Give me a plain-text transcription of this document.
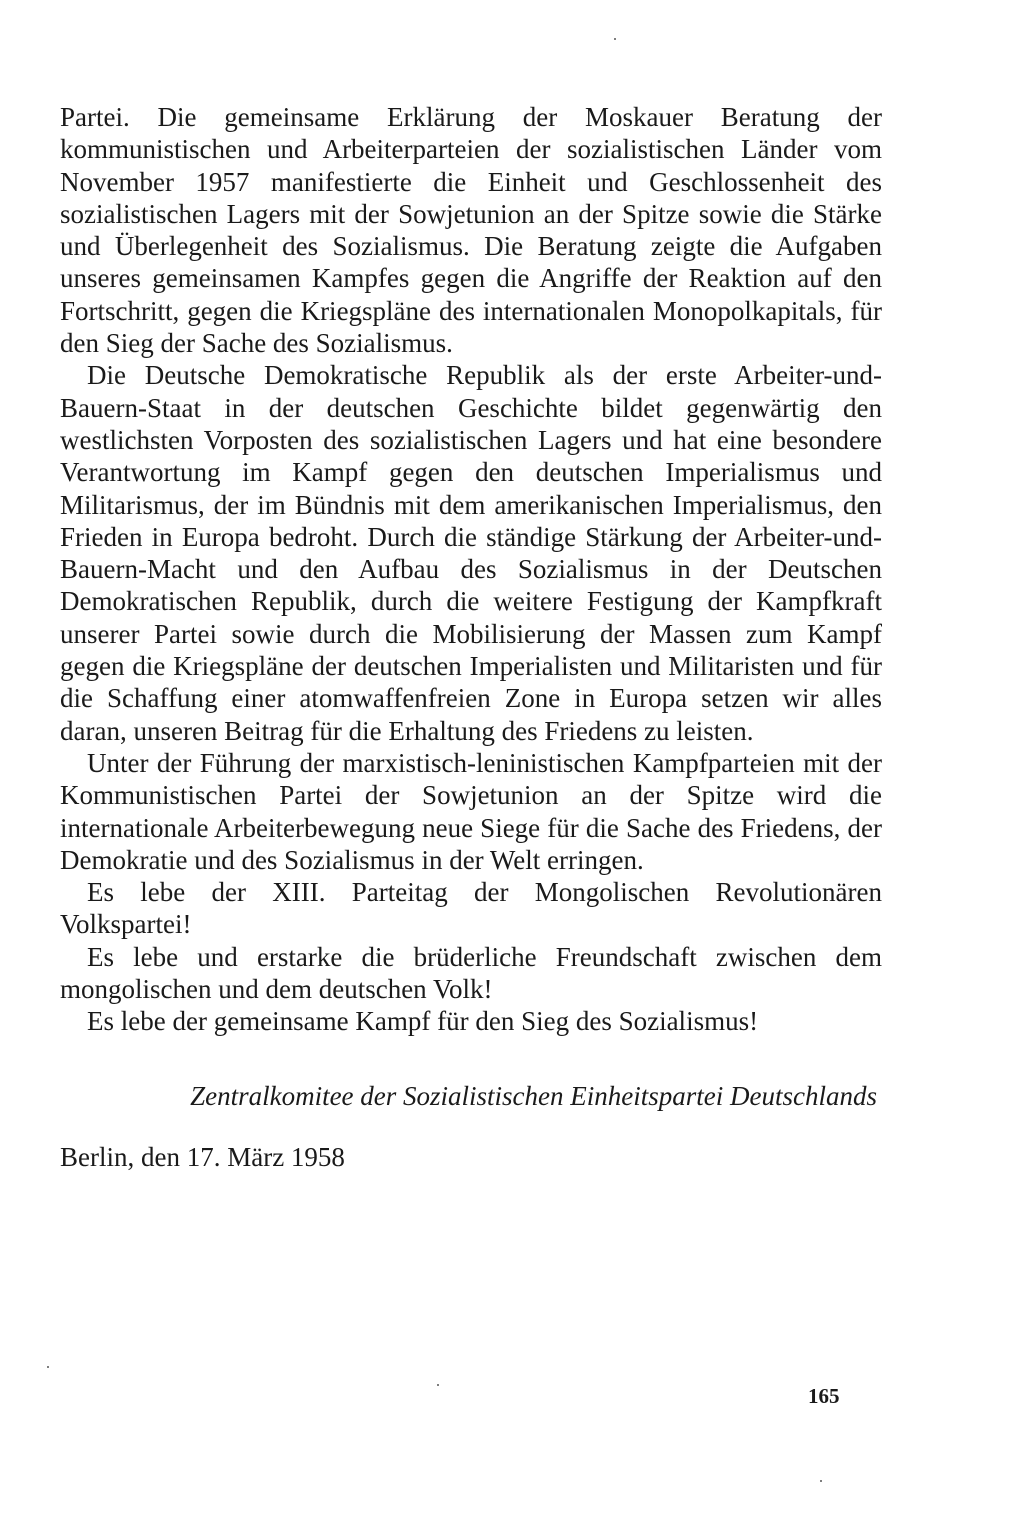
Partei. Die gemeinsame Erklärung der Moskauer Beratung der kommunistischen und Arbeiterparteien der sozialistischen Länder vom November 1957 manifestierte die Einheit und Geschlossenheit des sozialistischen Lagers mit der Sowjetunion an der Spitze sowie die Stärke und Überlegenheit des Sozialismus. Die Beratung zeigte die Aufgaben unseres gemeinsamen Kampfes gegen die Angriffe der Reaktion auf den Fortschritt, gegen die Kriegspläne des internationalen Monopolkapitals, für den Sieg der Sache des Sozialismus.

Die Deutsche Demokratische Republik als der erste Arbeiter-und-Bauern-Staat in der deutschen Geschichte bildet gegenwärtig den westlichsten Vorposten des sozialistischen Lagers und hat eine besondere Verantwortung im Kampf gegen den deutschen Imperialismus und Militarismus, der im Bündnis mit dem amerikanischen Imperialismus, den Frieden in Europa bedroht. Durch die ständige Stärkung der Arbeiter-und-Bauern-Macht und den Aufbau des Sozialismus in der Deutschen Demokratischen Republik, durch die weitere Festigung der Kampfkraft unserer Partei sowie durch die Mobilisierung der Massen zum Kampf gegen die Kriegspläne der deutschen Imperialisten und Militaristen und für die Schaffung einer atomwaffenfreien Zone in Europa setzen wir alles daran, unseren Beitrag für die Erhaltung des Friedens zu leisten.

Unter der Führung der marxistisch-leninistischen Kampfparteien mit der Kommunistischen Partei der Sowjetunion an der Spitze wird die internationale Arbeiterbewegung neue Siege für die Sache des Friedens, der Demokratie und des Sozialismus in der Welt erringen.

Es lebe der XIII. Parteitag der Mongolischen Revolutionären Volkspartei!

Es lebe und erstarke die brüderliche Freundschaft zwischen dem mongolischen und dem deutschen Volk!

Es lebe der gemeinsame Kampf für den Sieg des Sozialismus!

Zentralkomitee der Sozialistischen Einheitspartei Deutschlands
Berlin, den 17. März 1958
165
